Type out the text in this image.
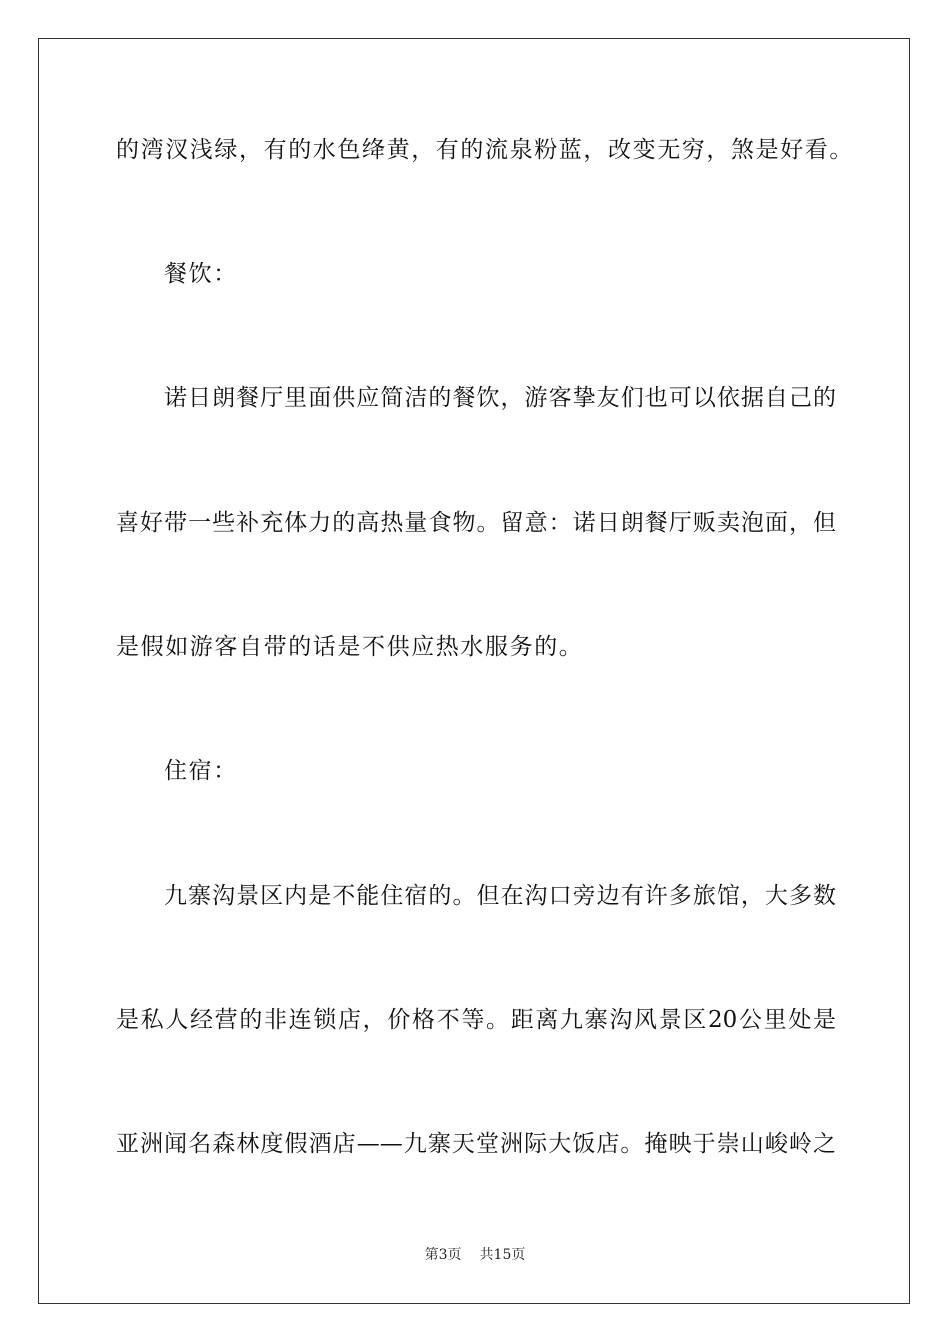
的湾汊浅绿，有的水色绛黄，有的流泉粉蓝，改变无穷，煞是好看。
餐饮：
诺日朗餐厅里面供应简洁的餐饮，游客挚友们也可以依据自己的
喜好带一些补充体力的高热量食物。留意：诺日朗餐厅贩卖泡面，但
是假如游客自带的话是不供应热水服务的。
住宿：
九寨沟景区内是不能住宿的。但在沟口旁边有许多旅馆，大多数
是私人经营的非连锁店，价格不等。距离九寨沟风景区20公里处是
亚洲闻名森林度假酒店——九寨天堂洲际大饭店。掩映于崇山峻岭之
第3页 共15页
